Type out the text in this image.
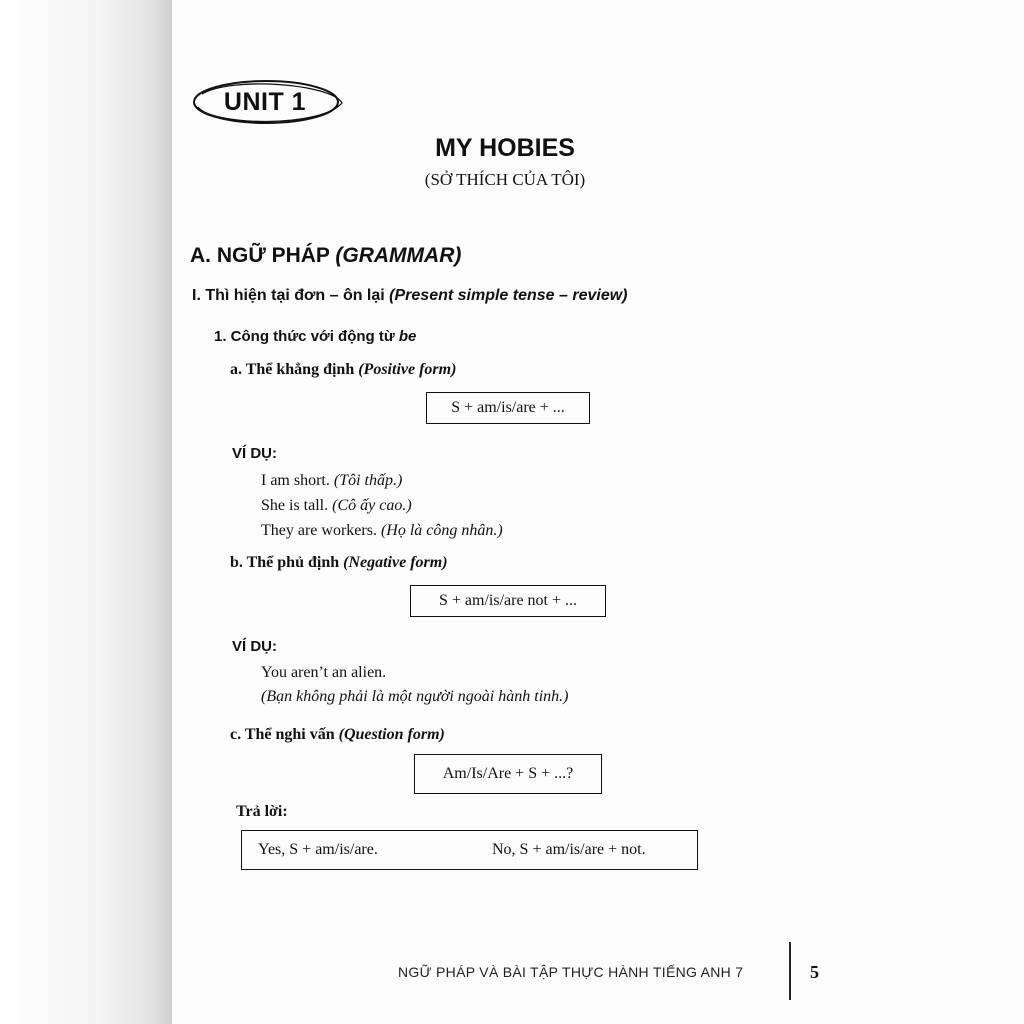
UNIT 1
MY HOBIES
(SỞ THÍCH CỦA TÔI)
A. NGỮ PHÁP (GRAMMAR)
I. Thì hiện tại đơn – ôn lại (Present simple tense – review)
1. Công thức với động từ be
a. Thể khẳng định (Positive form)
S + am/is/are + ...
VÍ DỤ:
I am short. (Tôi thấp.)
She is tall. (Cô ấy cao.)
They are workers. (Họ là công nhân.)
b. Thể phủ định (Negative form)
S + am/is/are not + ...
VÍ DỤ:
You aren’t an alien.
(Bạn không phải là một người ngoài hành tinh.)
c. Thể nghi vấn (Question form)
Am/Is/Are + S + ...?
Trả lời:
Yes, S + am/is/are.	No, S + am/is/are + not.
NGỮ PHÁP VÀ BÀI TẬP THỰC HÀNH TIẾNG ANH 7	5
